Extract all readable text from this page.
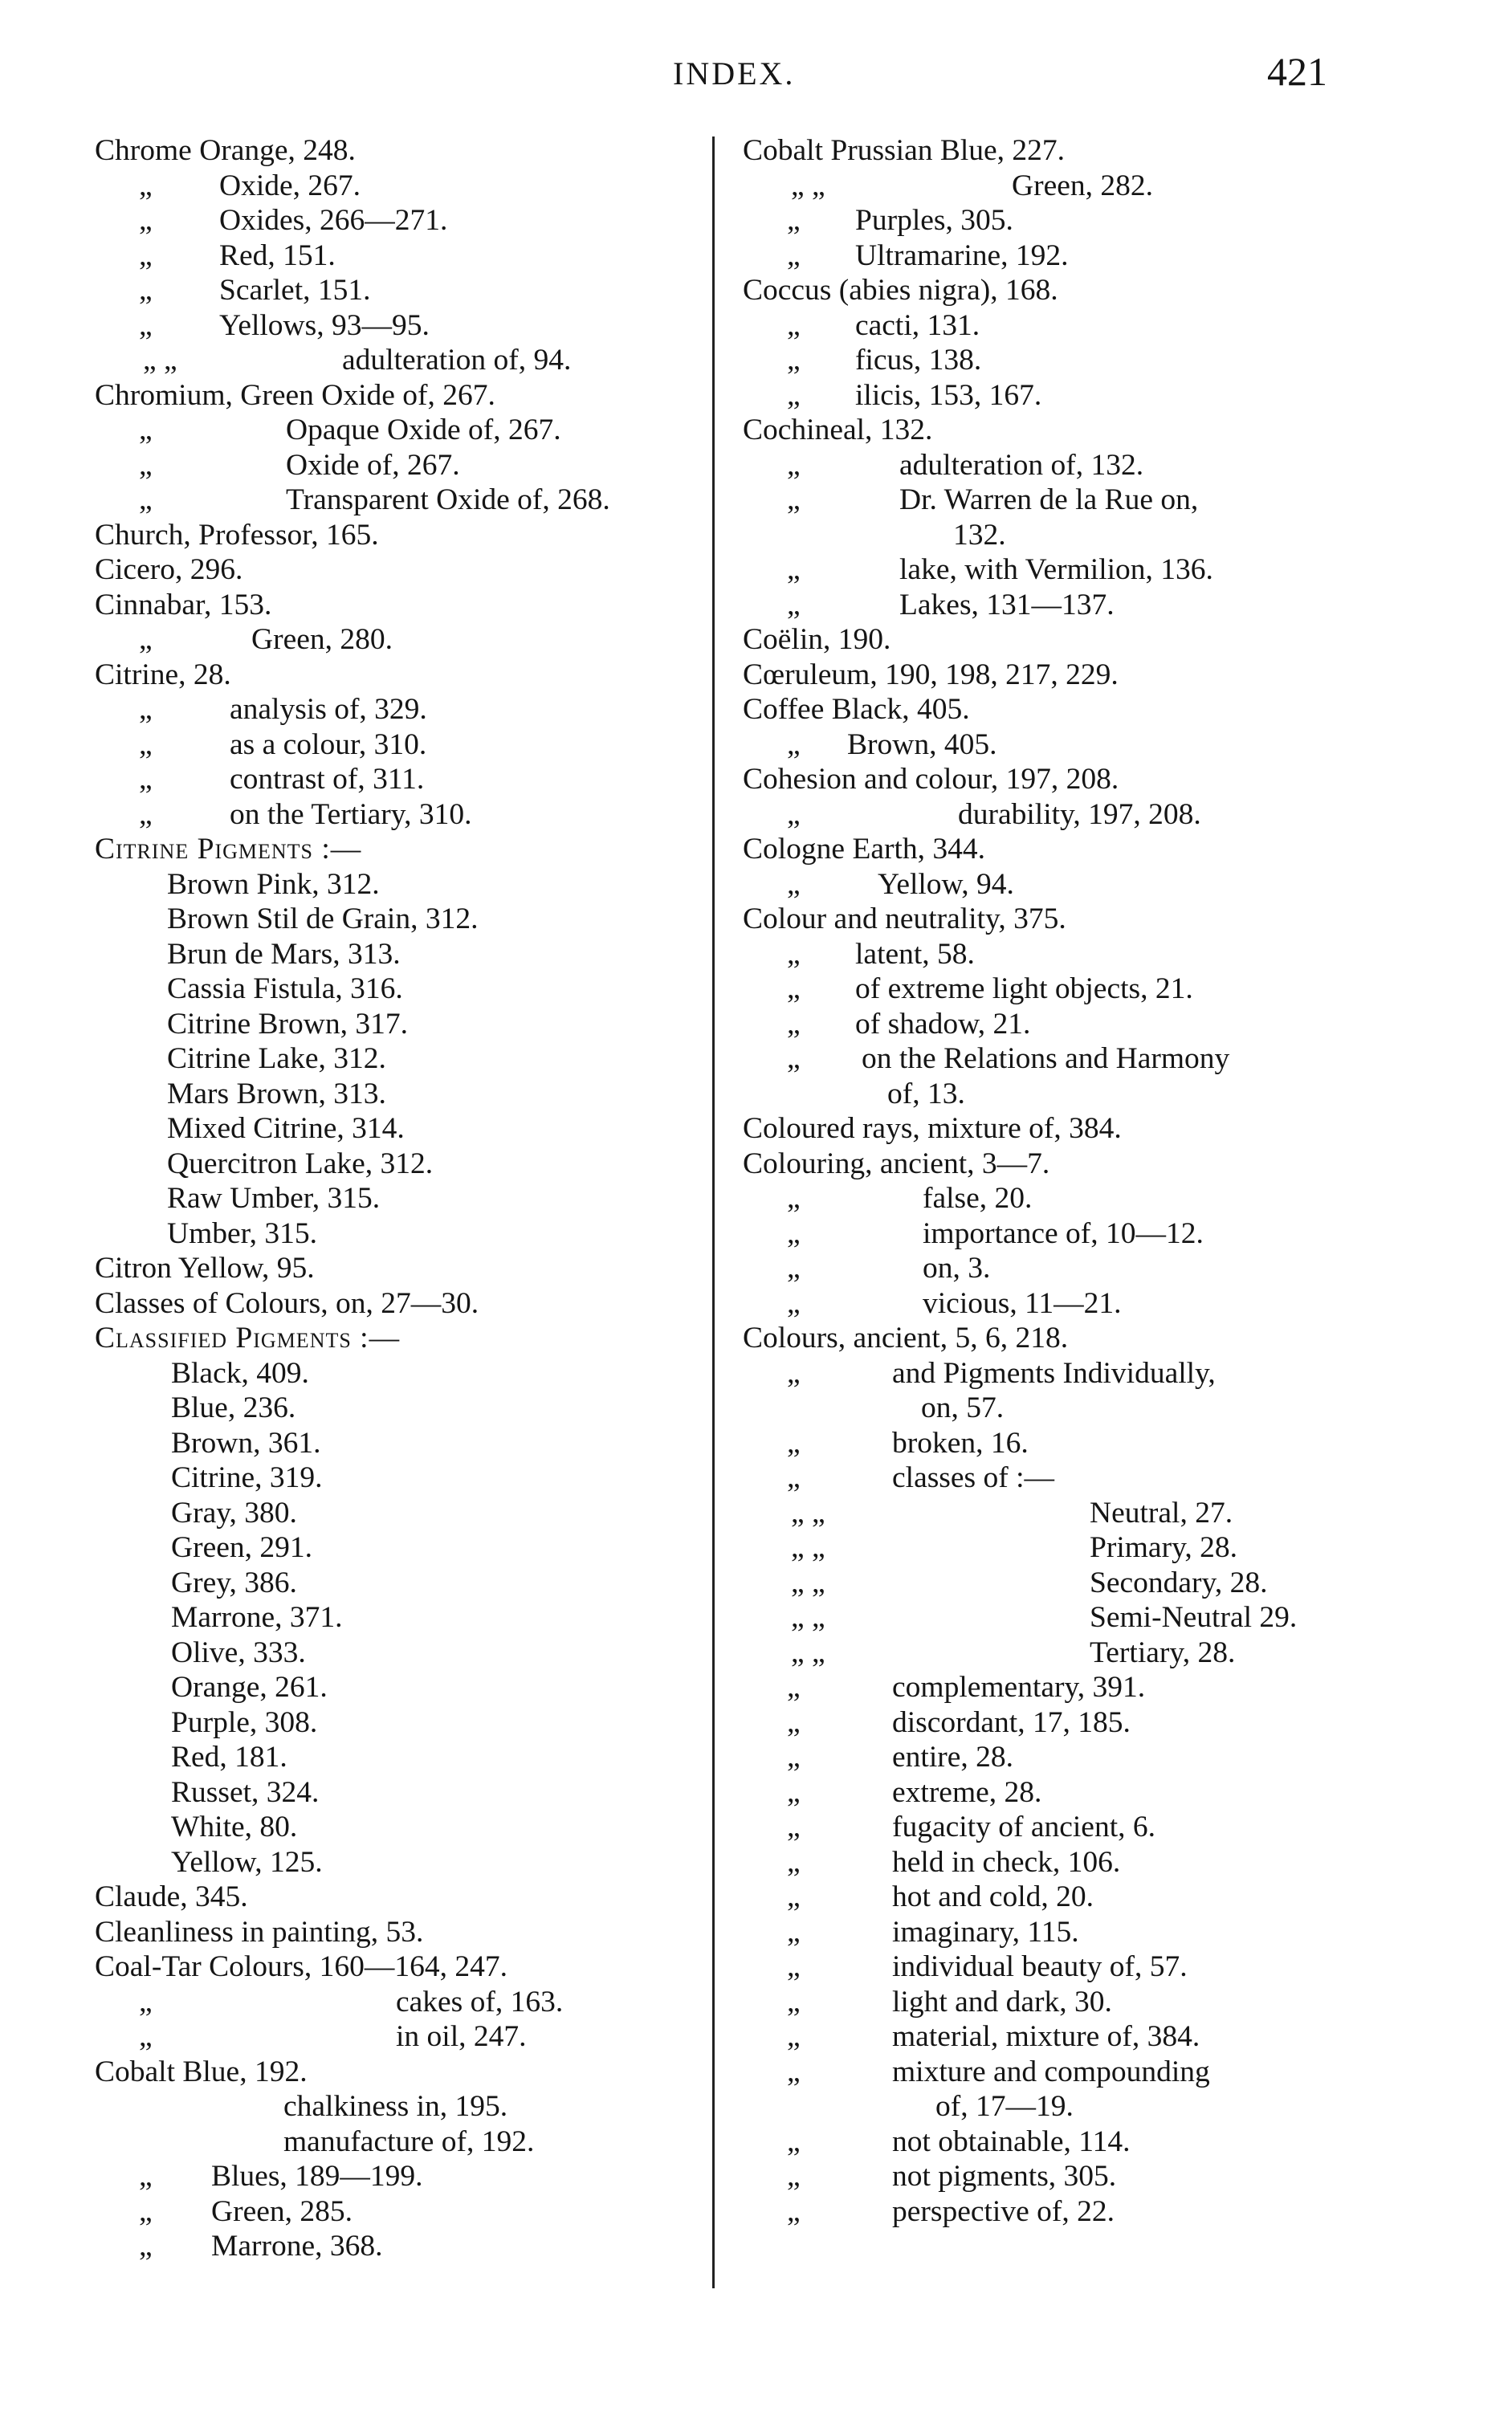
INDEX.	421
Chrome Orange, 248.
„ Oxide, 267.
„ Oxides, 266—271.
„ Red, 151.
„ Scarlet, 151.
„ Yellows, 93—95.
„ „	adulteration of, 94.
Chromium, Green Oxide of, 267.
„	Opaque Oxide of, 267.
„	Oxide of, 267.
„	Transparent Oxide of, 268.
Church, Professor, 165.
Cicero, 296.
Cinnabar, 153.
„	Green, 280.
Citrine, 28.
„	analysis of, 329.
„	as a colour, 310.
„	contrast of, 311.
„	on the Tertiary, 310.
Citrine Pigments :—
Brown Pink, 312.
Brown Stil de Grain, 312.
Brun de Mars, 313.
Cassia Fistula, 316.
Citrine Brown, 317.
Citrine Lake, 312.
Mars Brown, 313.
Mixed Citrine, 314.
Quercitron Lake, 312.
Raw Umber, 315.
Umber, 315.
Citron Yellow, 95.
Classes of Colours, on, 27—30.
Classified Pigments :—
Black, 409.
Blue, 236.
Brown, 361.
Citrine, 319.
Gray, 380.
Green, 291.
Grey, 386.
Marrone, 371.
Olive, 333.
Orange, 261.
Purple, 308.
Red, 181.
Russet, 324.
White, 80.
Yellow, 125.
Claude, 345.
Cleanliness in painting, 53.
Coal-Tar Colours, 160—164, 247.
„	cakes of, 163.
„	in oil, 247.
Cobalt Blue, 192.
chalkiness in, 195.
manufacture of, 192.
„ Blues, 189—199.
„ Green, 285.
„ Marrone, 368.
Cobalt Prussian Blue, 227.
„ „	Green, 282.
„ Purples, 305.
„ Ultramarine, 192.
Coccus (abies nigra), 168.
„ cacti, 131.
„ ficus, 138.
„ ilicis, 153, 167.
Cochineal, 132.
„	adulteration of, 132.
„	Dr. Warren de la Rue on,
132.
„	lake, with Vermilion, 136.
„	Lakes, 131—137.
Coëlin, 190.
Cœruleum, 190, 198, 217, 229.
Coffee Black, 405.
„ Brown, 405.
Cohesion and colour, 197, 208.
„	durability, 197, 208.
Cologne Earth, 344.
„	Yellow, 94.
Colour and neutrality, 375.
„ latent, 58.
„ of extreme light objects, 21.
„ of shadow, 21.
„ on the Relations and Harmony
of, 13.
Coloured rays, mixture of, 384.
Colouring, ancient, 3—7.
„	false, 20.
„	importance of, 10—12.
„	on, 3.
„	vicious, 11—21.
Colours, ancient, 5, 6, 218.
„	and Pigments Individually,
on, 57.
„	broken, 16.
„	classes of :—
„ „	Neutral, 27.
„ „	Primary, 28.
„ „	Secondary, 28.
„ „	Semi-Neutral 29.
„ „	Tertiary, 28.
„	complementary, 391.
„	discordant, 17, 185.
„	entire, 28.
„	extreme, 28.
„	fugacity of ancient, 6.
„	held in check, 106.
„	hot and cold, 20.
„	imaginary, 115.
„	individual beauty of, 57.
„	light and dark, 30.
„	material, mixture of, 384.
„	mixture and compounding
of, 17—19.
„	not obtainable, 114.
„	not pigments, 305.
„	perspective of, 22.
